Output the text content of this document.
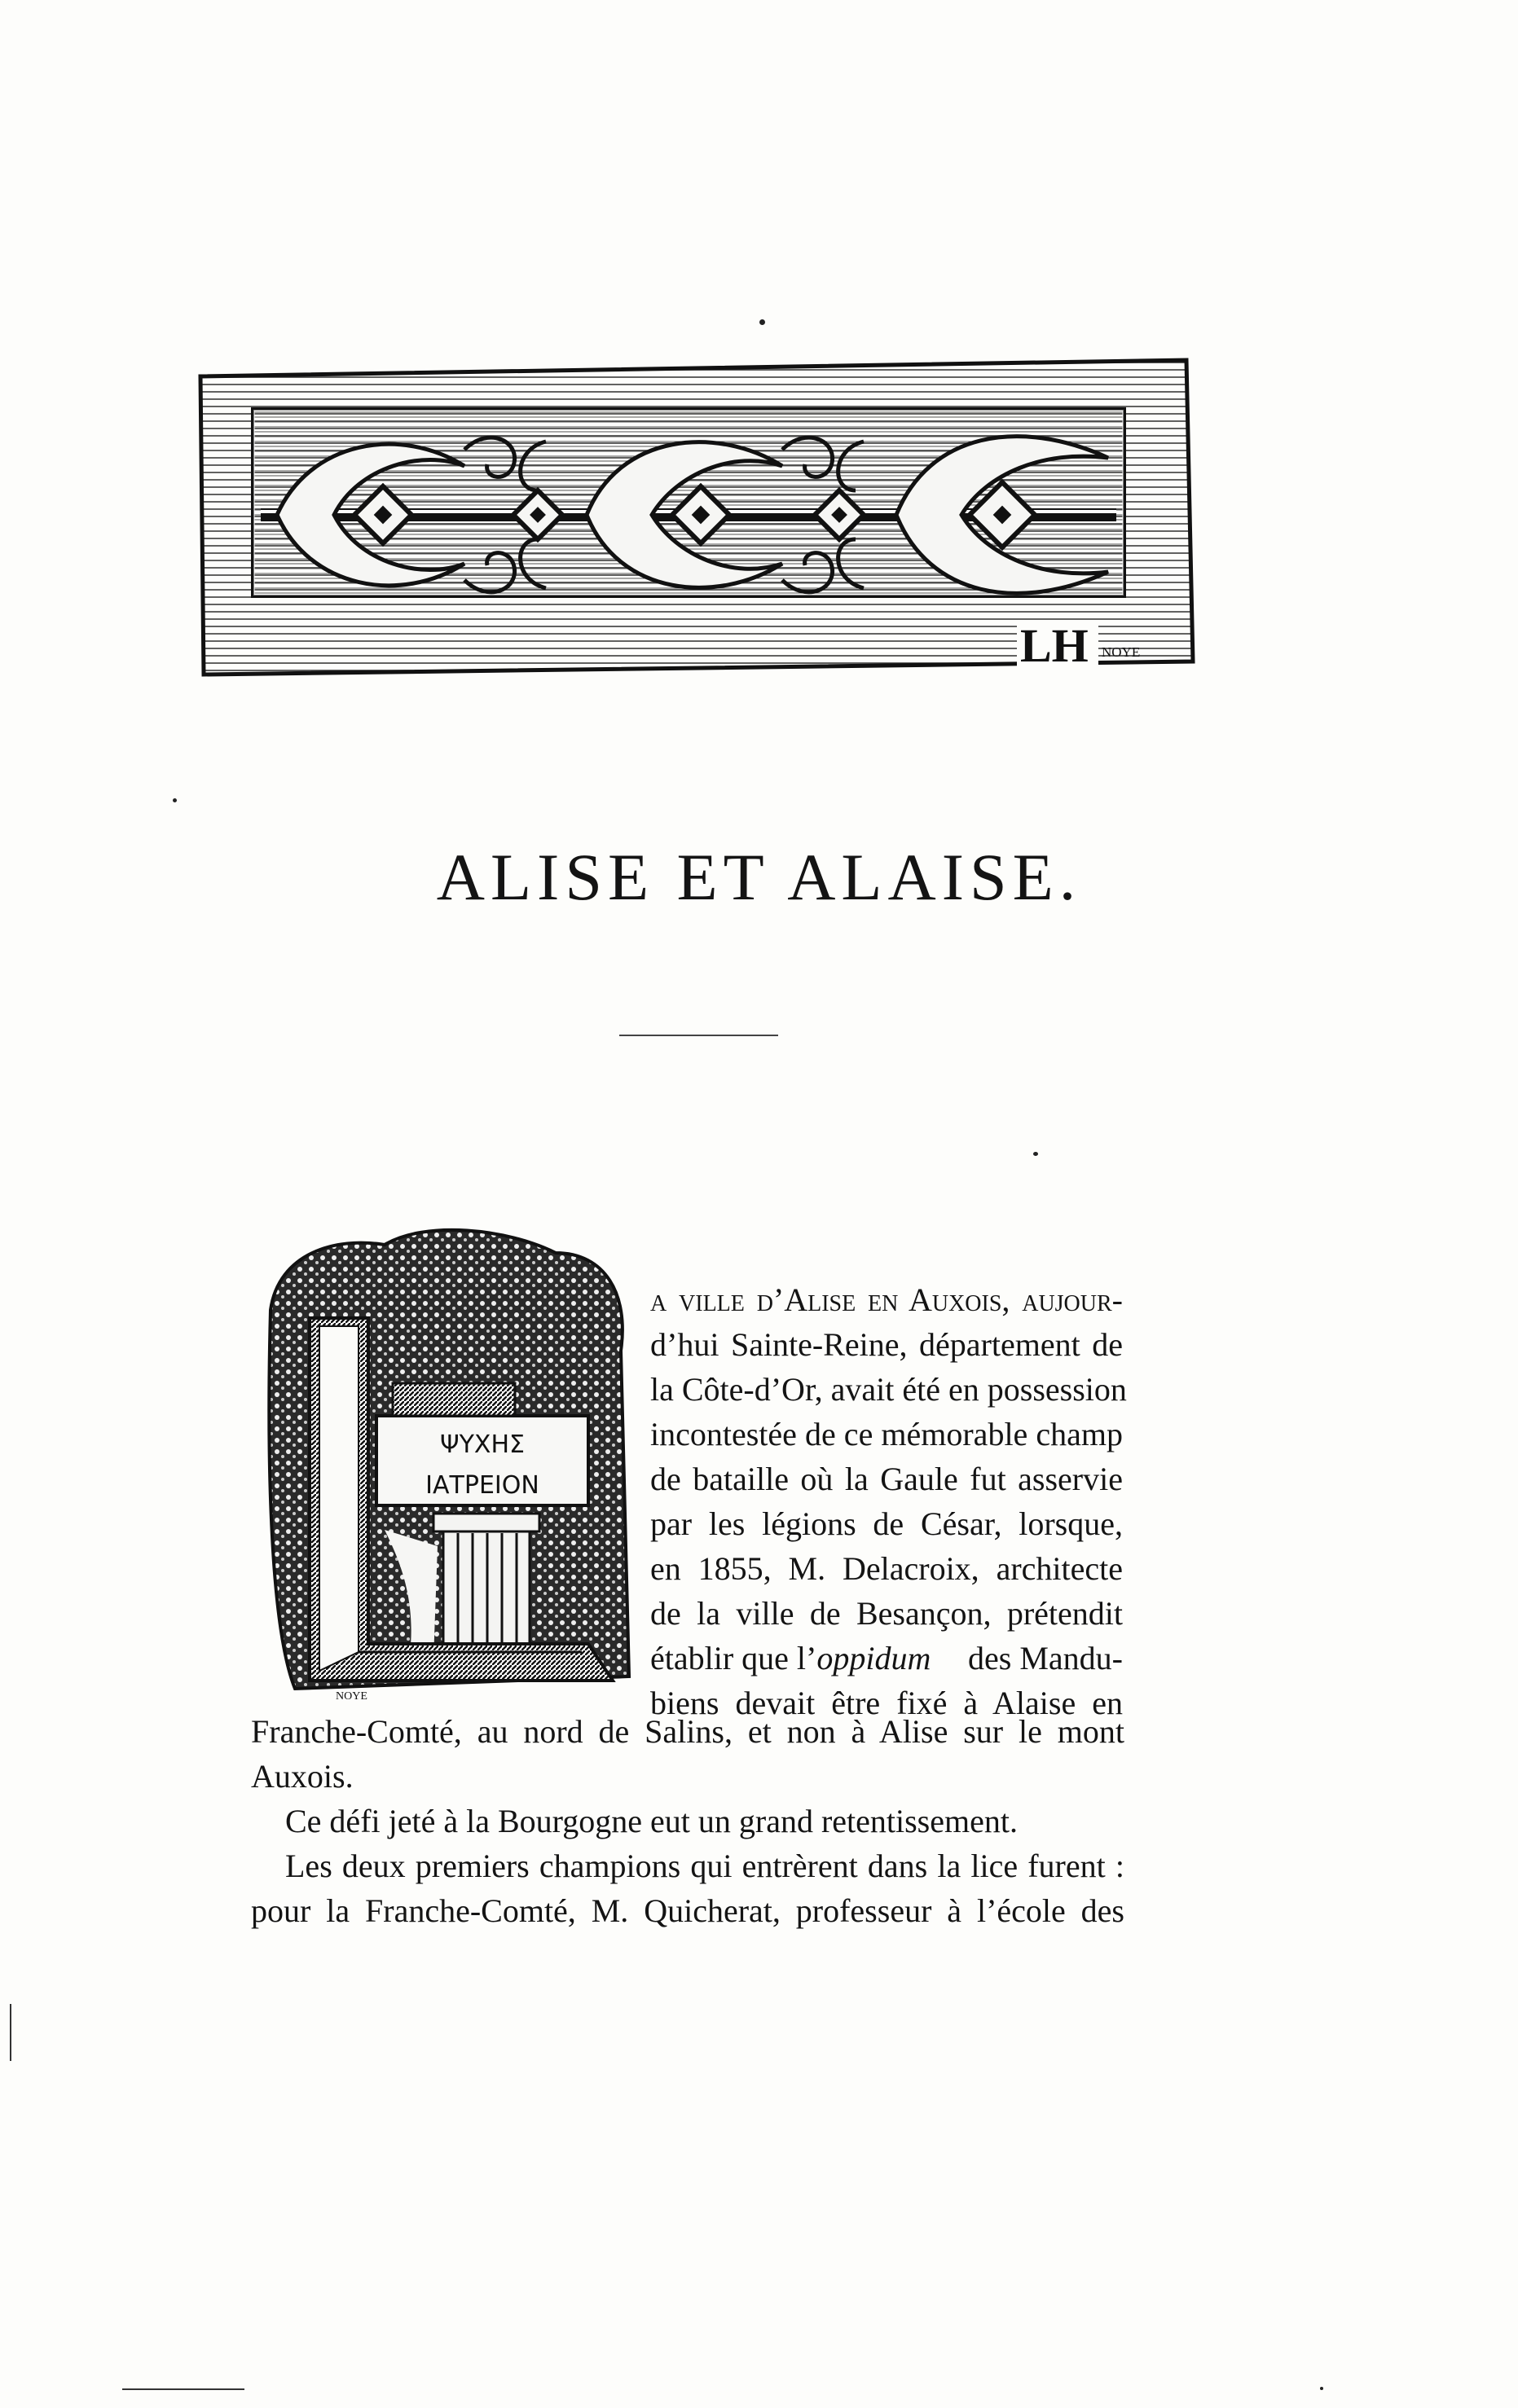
LH NOYE
ALISE ET ALAISE.
ΨΥΧΗΣ
ΙΑΤΡΕΙΟΝ
NOYE
a ville d’Alise en Auxois, aujour-
d’hui Sainte-Reine, département de
la Côte-d’Or, avait été en possession
incontestée de ce mémorable champ
de bataille où la Gaule fut asservie
par les légions de César, lorsque,
en 1855, M. Delacroix, architecte
de la ville de Besançon, prétendit
établir que l’ oppidum des Mandu-
biens devait être fixé à Alaise en
Franche-Comté, au nord de Salins, et non à Alise sur le mont
Auxois.
Ce défi jeté à la Bourgogne eut un grand retentissement.
Les deux premiers champions qui entrèrent dans la lice furent :
pour la Franche-Comté, M. Quicherat, professeur à l’école des
